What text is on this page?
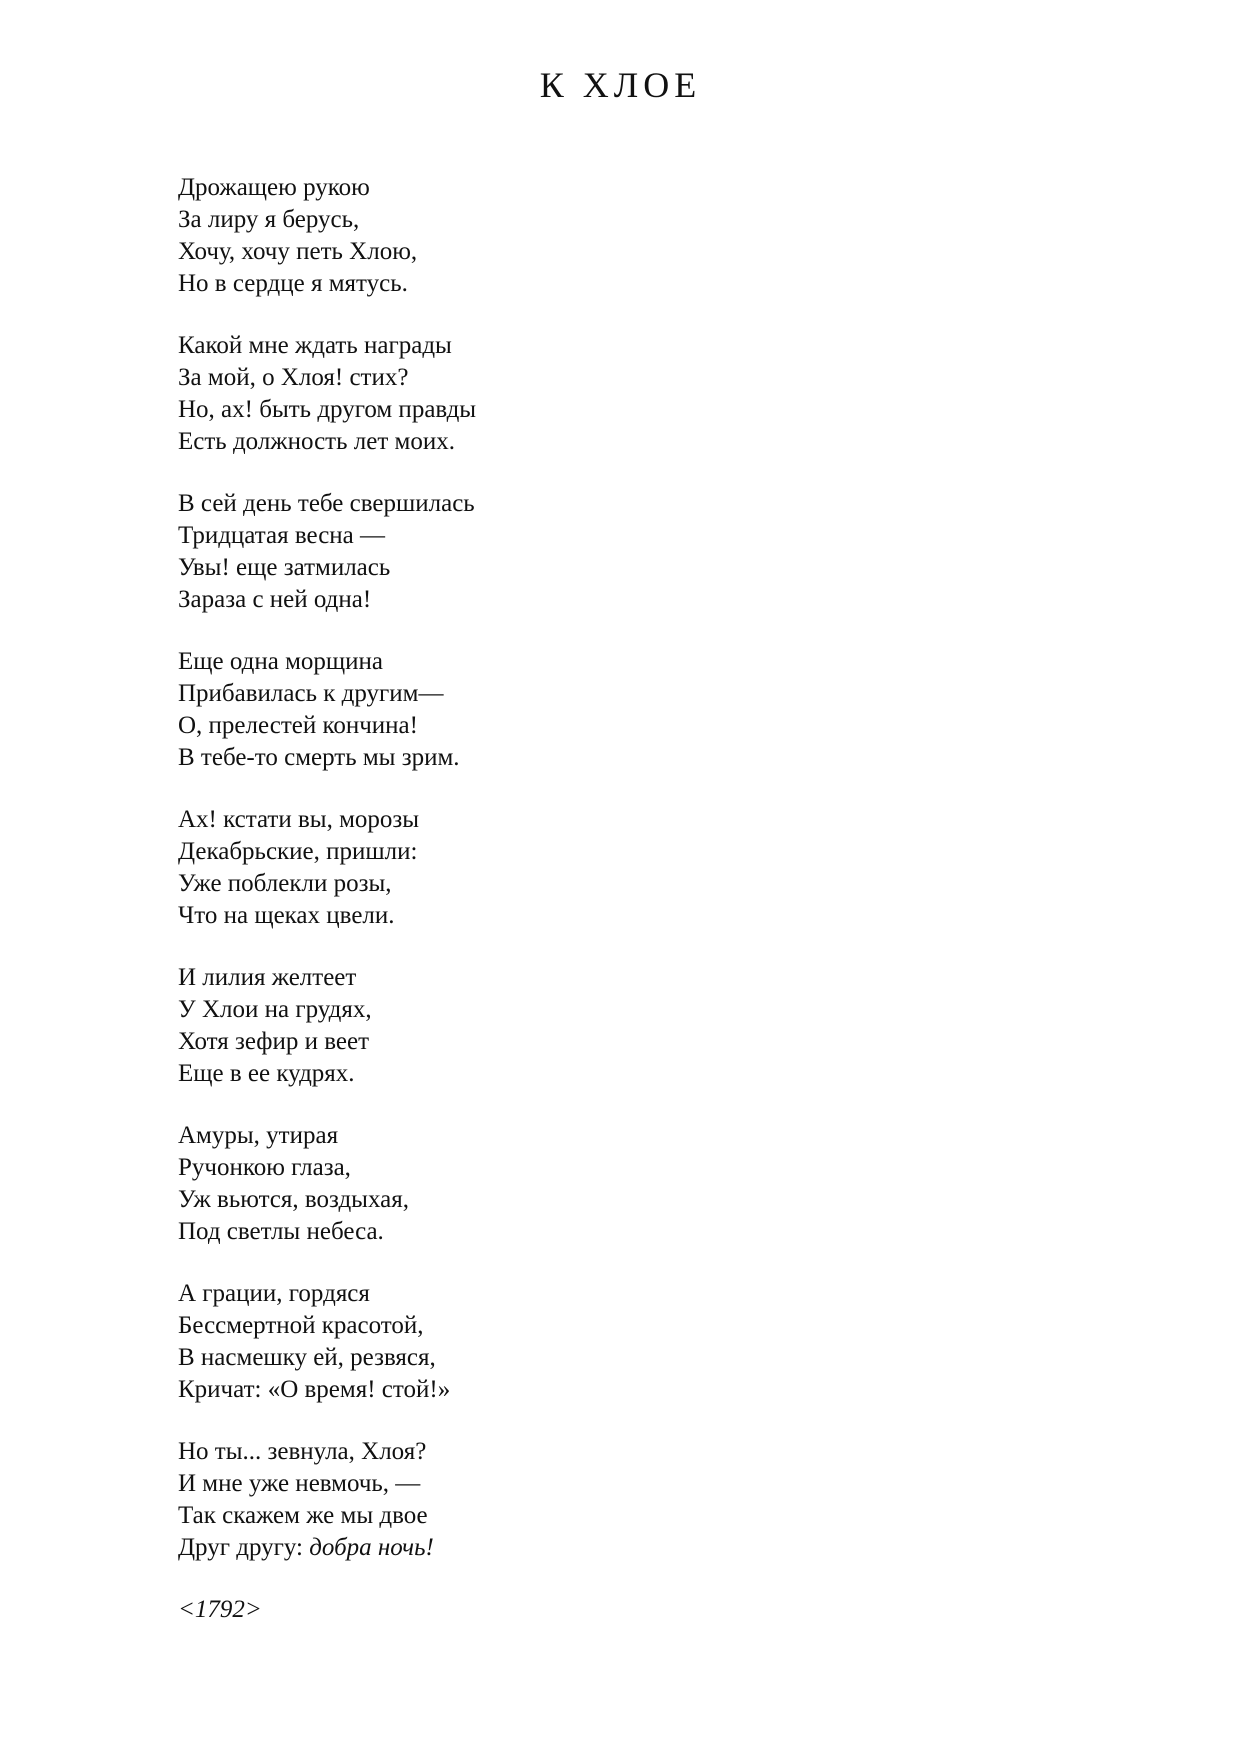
К ХЛОЕ
Дрожащею рукою
За лиру я берусь,
Хочу, хочу петь Хлою,
Но в сердце я мятусь.
Какой мне ждать награды
За мой, о Хлоя! стих?
Но, ах! быть другом правды
Есть должность лет моих.
В сей день тебе свершилась
Тридцатая весна —
Увы! еще затмилась
Зараза с ней одна!
Еще одна морщина
Прибавилась к другим—
О, прелестей кончина!
В тебе-то смерть мы зрим.
Ах! кстати вы, морозы
Декабрьские, пришли:
Уже поблекли розы,
Что на щеках цвели.
И лилия желтеет
У Хлои на грудях,
Хотя зефир и веет
Еще в ее кудрях.
Амуры, утирая
Ручонкою глаза,
Уж вьются, воздыхая,
Под светлы небеса.
А грации, гордяся
Бессмертной красотой,
В насмешку ей, резвяся,
Кричат: «О время! стой!»
Но ты... зевнула, Хлоя?
И мне уже невмочь, —
Так скажем же мы двое
Друг другу: добра ночь!
<1792>
